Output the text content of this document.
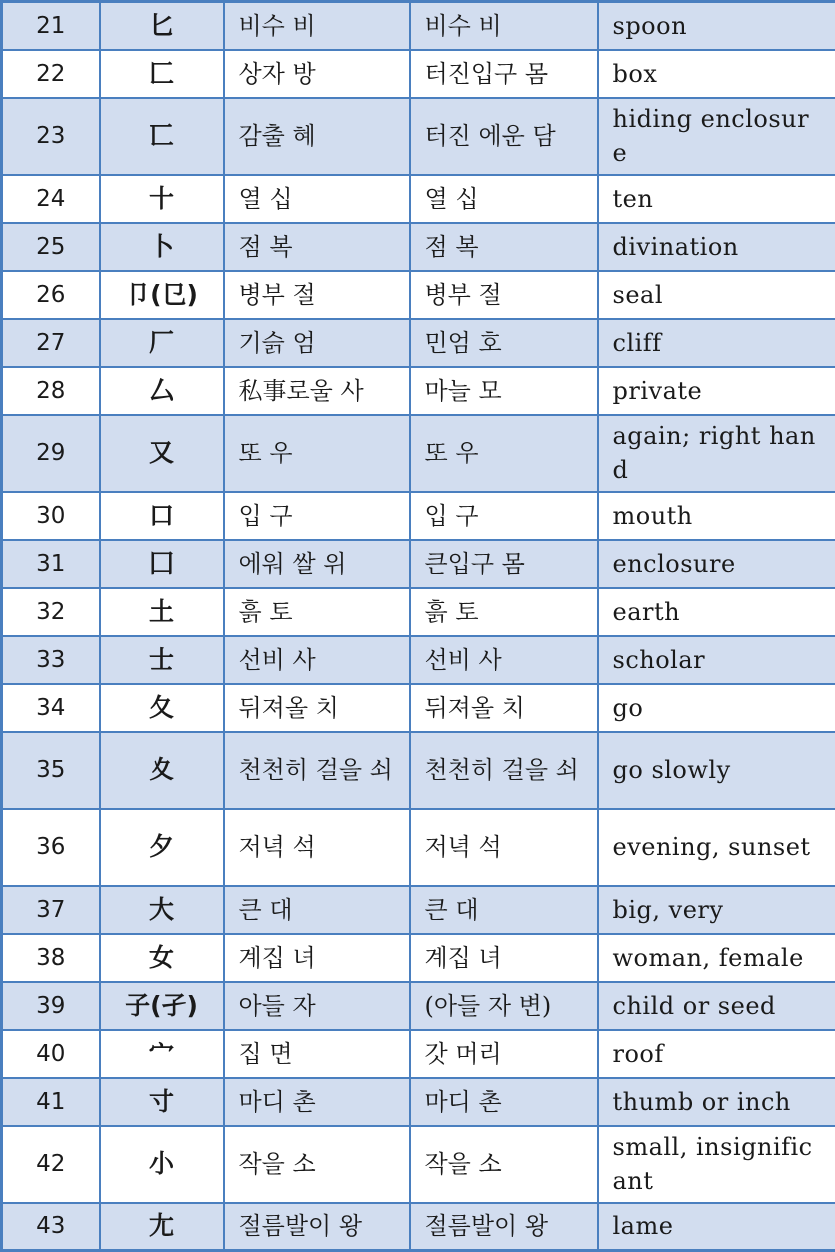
21	匕	비수 비	비수 비	spoon
22	匚	상자 방	터진입구 몸	box
23	匸	감출 혜	터진 에운 담	hiding enclosure
24	十	열 십	열 십	ten
25	卜	점 복	점 복	divination
26	卩(㔾)	병부 절	병부 절	seal
27	厂	기슭 엄	민엄 호	cliff
28	厶	私事로울 사	마늘 모	private
29	又	또 우	또 우	again; right hand
30	口	입 구	입 구	mouth
31	囗	에워 쌀 위	큰입구 몸	enclosure
32	土	흙 토	흙 토	earth
33	士	선비 사	선비 사	scholar
34	夂	뒤져올 치	뒤져올 치	go
35	夊	천천히 걸을 쇠	천천히 걸을 쇠	go slowly
36	夕	저녁 석	저녁 석	evening, sunset
37	大	큰 대	큰 대	big, very
38	女	계집 녀	계집 녀	woman, female
39	子(孑)	아들 자	(아들 자 변)	child or seed
40	宀	집 면	갓 머리	roof
41	寸	마디 촌	마디 촌	thumb or inch
42	小	작을 소	작을 소	small, insignificant
43	尢	절름발이 왕	절름발이 왕	lame
